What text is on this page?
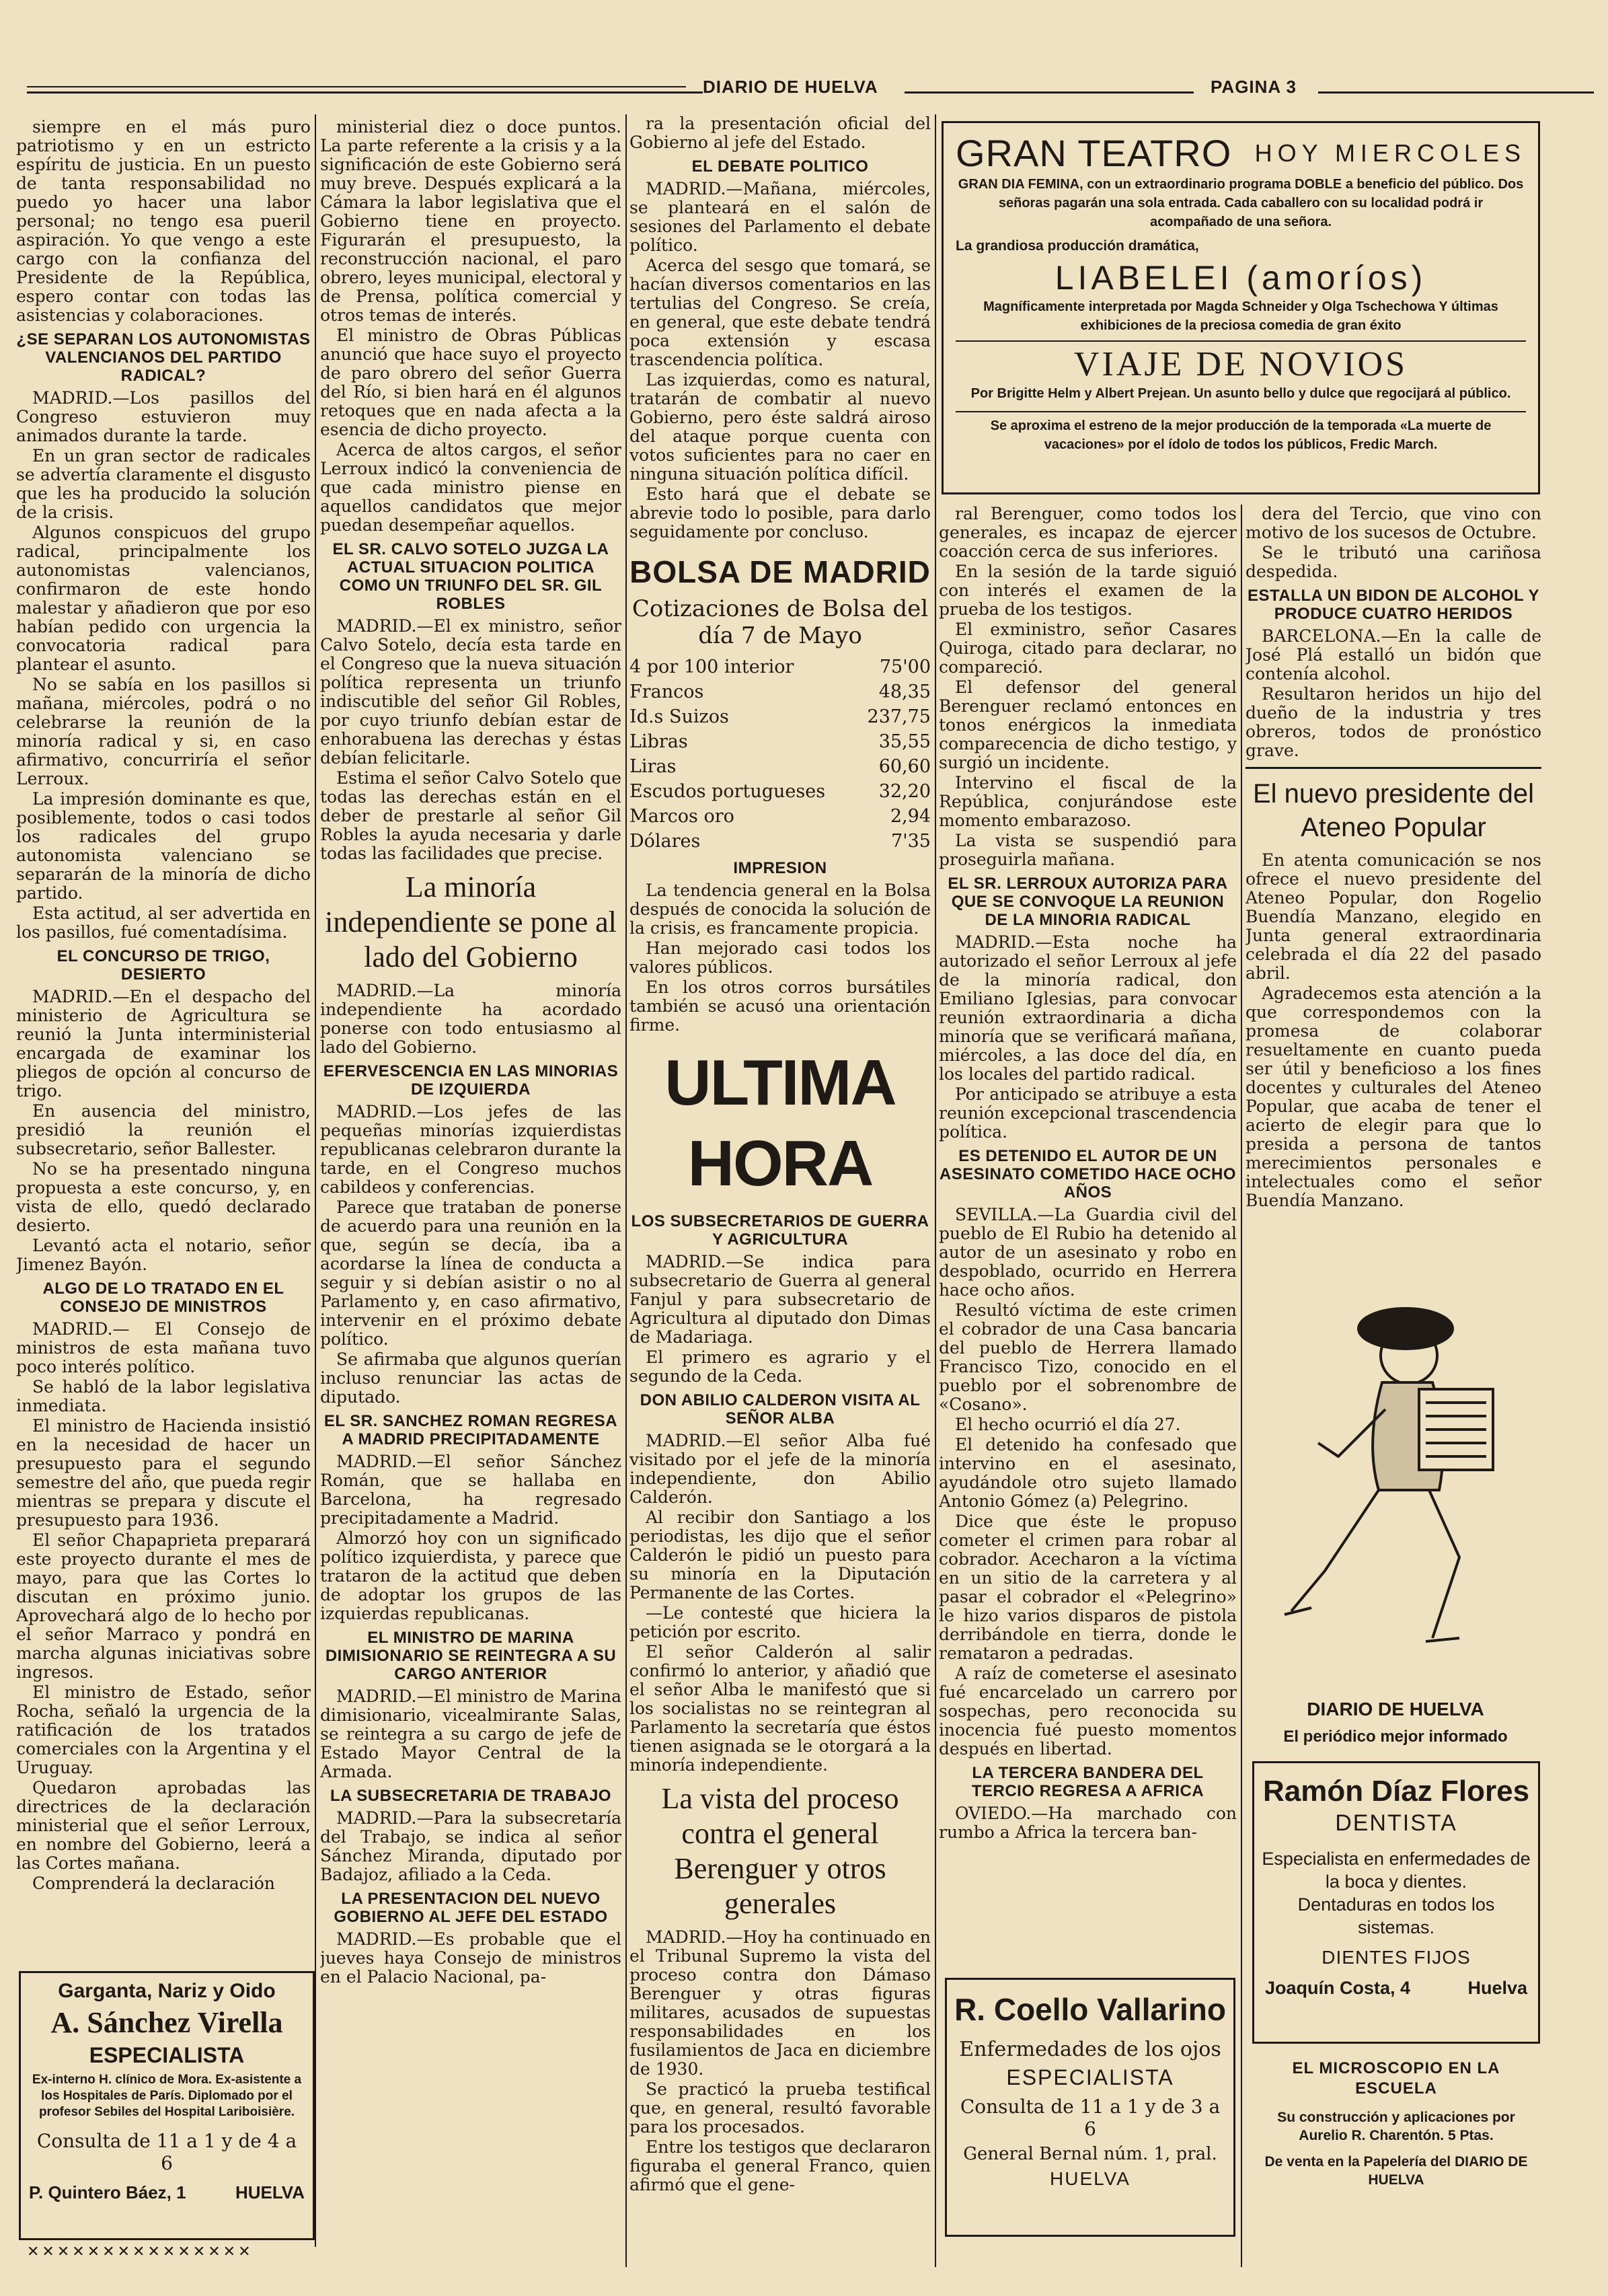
DIARIO DE HUELVA	PAGINA 3

siempre en el más puro patriotismo y en un estricto espíritu de justicia. En un puesto de tanta responsabilidad no puedo yo hacer una labor personal; no tengo esa pueril aspiración. Yo que vengo a este cargo con la confianza del Presidente de la República, espero contar con todas las asistencias y colaboraciones.

¿SE SEPARAN LOS AUTONOMISTAS VALENCIANOS DEL PARTIDO RADICAL?

MADRID.—Los pasillos del Congreso estuvieron muy animados durante la tarde.

En un gran sector de radicales se advertía claramente el disgusto que les ha producido la solución de la crisis.

Algunos conspicuos del grupo radical, principalmente los autonomistas valencianos, confirmaron de este hondo malestar y añadieron que por eso habían pedido con urgencia la convocatoria radical para plantear el asunto.

No se sabía en los pasillos si mañana, miércoles, podrá o no celebrarse la reunión de la minoría radical y si, en caso afirmativo, concurriría el señor Lerroux.

La impresión dominante es que, posiblemente, todos o casi todos los radicales del grupo autonomista valenciano se separarán de la minoría de dicho partido.

Esta actitud, al ser advertida en los pasillos, fué comentadísima.

EL CONCURSO DE TRIGO, DESIERTO

MADRID.—En el despacho del ministerio de Agricultura se reunió la Junta interministerial encargada de examinar los pliegos de opción al concurso de trigo.

En ausencia del ministro, presidió la reunión el subsecretario, señor Ballester.

No se ha presentado ninguna propuesta a este concurso, y, en vista de ello, quedó declarado desierto.

Levantó acta el notario, señor Jimenez Bayón.

ALGO DE LO TRATADO EN EL CONSEJO DE MINISTROS

MADRID.— El Consejo de ministros de esta mañana tuvo poco interés político.

Se habló de la labor legislativa inmediata.

El ministro de Hacienda insistió en la necesidad de hacer un presupuesto para el segundo semestre del año, que pueda regir mientras se prepara y discute el presupuesto para 1936.

El señor Chapaprieta preparará este proyecto durante el mes de mayo, para que las Cortes lo discutan en próximo junio. Aprovechará algo de lo hecho por el señor Marraco y pondrá en marcha algunas iniciativas sobre ingresos.

El ministro de Estado, señor Rocha, señaló la urgencia de la ratificación de los tratados comerciales con la Argentina y el Uruguay.

Quedaron aprobadas las directrices de la declaración ministerial que el señor Lerroux, en nombre del Gobierno, leerá a las Cortes mañana.

Comprenderá la declaración

Garganta, Nariz y Oido
A. Sánchez Virella
ESPECIALISTA
Ex-interno H. clínico de Mora. Ex-asistente a los Hospitales de París. Diplomado por el profesor Sebiles del Hospital Lariboisière.
Consulta de 11 a 1 y de 4 a 6
P. Quintero Báez, 1	HUELVA
✕✕✕✕✕✕✕✕✕✕✕✕✕✕✕

ministerial diez o doce puntos. La parte referente a la crisis y a la significación de este Gobierno será muy breve. Después explicará a la Cámara la labor legislativa que el Gobierno tiene en proyecto. Figurarán el presupuesto, la reconstrucción nacional, el paro obrero, leyes municipal, electoral y de Prensa, política comercial y otros temas de interés.

El ministro de Obras Públicas anunció que hace suyo el proyecto de paro obrero del señor Guerra del Río, si bien hará en él algunos retoques que en nada afecta a la esencia de dicho proyecto.

Acerca de altos cargos, el señor Lerroux indicó la conveniencia de que cada ministro piense en aquellos candidatos que mejor puedan desempeñar aquellos.

EL SR. CALVO SOTELO JUZGA LA ACTUAL SITUACION POLITICA COMO UN TRIUNFO DEL SR. GIL ROBLES

MADRID.—El ex ministro, señor Calvo Sotelo, decía esta tarde en el Congreso que la nueva situación política representa un triunfo indiscutible del señor Gil Robles, por cuyo triunfo debían estar de enhorabuena las derechas y éstas debían felicitarle.

Estima el señor Calvo Sotelo que todas las derechas están en el deber de prestarle al señor Gil Robles la ayuda necesaria y darle todas las facilidades que precise.

La minoría independiente se pone al lado del Gobierno

MADRID.—La minoría independiente ha acordado ponerse con todo entusiasmo al lado del Gobierno.

EFERVESCENCIA EN LAS MINORIAS DE IZQUIERDA

MADRID.—Los jefes de las pequeñas minorías izquierdistas republicanas celebraron durante la tarde, en el Congreso muchos cabildeos y conferencias.

Parece que trataban de ponerse de acuerdo para una reunión en la que, según se decía, iba a acordarse la línea de conducta a seguir y si debían asistir o no al Parlamento y, en caso afirmativo, intervenir en el próximo debate político.

Se afirmaba que algunos querían incluso renunciar las actas de diputado.

EL SR. SANCHEZ ROMAN REGRESA A MADRID PRECIPITADAMENTE

MADRID.—El señor Sánchez Román, que se hallaba en Barcelona, ha regresado precipitadamente a Madrid.

Almorzó hoy con un significado político izquierdista, y parece que trataron de la actitud que deben de adoptar los grupos de las izquierdas republicanas.

EL MINISTRO DE MARINA DIMISIONARIO SE REINTEGRA A SU CARGO ANTERIOR

MADRID.—El ministro de Marina dimisionario, vicealmirante Salas, se reintegra a su cargo de jefe de Estado Mayor Central de la Armada.

LA SUBSECRETARIA DE TRABAJO

MADRID.—Para la subsecretaría del Trabajo, se indica al señor Sánchez Miranda, diputado por Badajoz, afiliado a la Ceda.

LA PRESENTACION DEL NUEVO GOBIERNO AL JEFE DEL ESTADO

MADRID.—Es probable que el jueves haya Consejo de ministros en el Palacio Nacional, pa-

ra la presentación oficial del Gobierno al jefe del Estado.

EL DEBATE POLITICO

MADRID.—Mañana, miércoles, se planteará en el salón de sesiones del Parlamento el debate político.

Acerca del sesgo que tomará, se hacían diversos comentarios en las tertulias del Congreso. Se creía, en general, que este debate tendrá poca extensión y escasa trascendencia política.

Las izquierdas, como es natural, tratarán de combatir al nuevo Gobierno, pero éste saldrá airoso del ataque porque cuenta con votos suficientes para no caer en ninguna situación política difícil.

Esto hará que el debate se abrevie todo lo posible, para darlo seguidamente por concluso.

BOLSA DE MADRID
Cotizaciones de Bolsa del día 7 de Mayo
4 por 100 interior	75'00
Francos	48,35
Id.s Suizos	237,75
Libras	35,55
Liras	60,60
Escudos portugueses	32,20
Marcos oro	2,94
Dólares	7'35
IMPRESION

La tendencia general en la Bolsa después de conocida la solución de la crisis, es francamente propicia.

Han mejorado casi todos los valores públicos.

En los otros corros bursátiles también se acusó una orientación firme.

ULTIMA HORA
LOS SUBSECRETARIOS DE GUERRA Y AGRICULTURA

MADRID.—Se indica para subsecretario de Guerra al general Fanjul y para subsecretario de Agricultura al diputado don Dimas de Madariaga.

El primero es agrario y el segundo de la Ceda.

DON ABILIO CALDERON VISITA AL SEÑOR ALBA

MADRID.—El señor Alba fué visitado por el jefe de la minoría independiente, don Abilio Calderón.

Al recibir don Santiago a los periodistas, les dijo que el señor Calderón le pidió un puesto para su minoría en la Diputación Permanente de las Cortes.

—Le contesté que hiciera la petición por escrito.

El señor Calderón al salir confirmó lo anterior, y añadió que el señor Alba le manifestó que si los socialistas no se reintegran al Parlamento la secretaría que éstos tienen asignada se le otorgará a la minoría independiente.

La vista del proceso contra el general Berenguer y otros generales

MADRID.—Hoy ha continuado en el Tribunal Supremo la vista del proceso contra don Dámaso Berenguer y otras figuras militares, acusados de supuestas responsabilidades en los fusilamientos de Jaca en diciembre de 1930.

Se practicó la prueba testifical que, en general, resultó favorable para los procesados.

Entre los testigos que declararon figuraba el general Franco, quien afirmó que el gene-

GRAN TEATRO HOY MIERCOLES
GRAN DIA FEMINA, con un extraordinario programa DOBLE a beneficio del público. Dos señoras pagarán una sola entrada. Cada caballero con su localidad podrá ir acompañado de una señora.
La grandiosa producción dramática,
LIABELEI (amoríos)
Magníficamente interpretada por Magda Schneider y Olga Tschechowa Y últimas exhibiciones de la preciosa comedia de gran éxito
VIAJE DE NOVIOS
Por Brigitte Helm y Albert Prejean. Un asunto bello y dulce que regocijará al público.
Se aproxima el estreno de la mejor producción de la temporada «La muerte de vacaciones» por el ídolo de todos los públicos, Fredic March.

ral Berenguer, como todos los generales, es incapaz de ejercer coacción cerca de sus inferiores.

En la sesión de la tarde siguió con interés el examen de la prueba de los testigos.

El exministro, señor Casares Quiroga, citado para declarar, no compareció.

El defensor del general Berenguer reclamó entonces en tonos enérgicos la inmediata comparecencia de dicho testigo, y surgió un incidente.

Intervino el fiscal de la República, conjurándose este momento embarazoso.

La vista se suspendió para proseguirla mañana.

EL SR. LERROUX AUTORIZA PARA QUE SE CONVOQUE LA REUNION DE LA MINORIA RADICAL

MADRID.—Esta noche ha autorizado el señor Lerroux al jefe de la minoría radical, don Emiliano Iglesias, para convocar reunión extraordinaria a dicha minoría que se verificará mañana, miércoles, a las doce del día, en los locales del partido radical.

Por anticipado se atribuye a esta reunión excepcional trascendencia política.

ES DETENIDO EL AUTOR DE UN ASESINATO COMETIDO HACE OCHO AÑOS

SEVILLA.—La Guardia civil del pueblo de El Rubio ha detenido al autor de un asesinato y robo en despoblado, ocurrido en Herrera hace ocho años.

Resultó víctima de este crimen el cobrador de una Casa bancaria del pueblo de Herrera llamado Francisco Tizo, conocido en el pueblo por el sobrenombre de «Cosano».

El hecho ocurrió el día 27.

El detenido ha confesado que intervino en el asesinato, ayudándole otro sujeto llamado Antonio Gómez (a) Pelegrino.

Dice que éste le propuso cometer el crimen para robar al cobrador. Acecharon a la víctima en un sitio de la carretera y al pasar el cobrador el «Pelegrino» le hizo varios disparos de pistola derribándole en tierra, donde le remataron a pedradas.

A raíz de cometerse el asesinato fué encarcelado un carrero por sospechas, pero reconocida su inocencia fué puesto momentos después en libertad.

LA TERCERA BANDERA DEL TERCIO REGRESA A AFRICA

OVIEDO.—Ha marchado con rumbo a Africa la tercera ban-

R. Coello Vallarino
Enfermedades de los ojos
ESPECIALISTA
Consulta de 11 a 1 y de 3 a 6
General Bernal núm. 1, pral.
HUELVA

dera del Tercio, que vino con motivo de los sucesos de Octubre.

Se le tributó una cariñosa despedida.

ESTALLA UN BIDON DE ALCOHOL Y PRODUCE CUATRO HERIDOS

BARCELONA.—En la calle de José Plá estalló un bidón que contenía alcohol.

Resultaron heridos un hijo del dueño de la industria y tres obreros, todos de pronóstico grave.

El nuevo presidente del Ateneo Popular

En atenta comunicación se nos ofrece el nuevo presidente del Ateneo Popular, don Rogelio Buendía Manzano, elegido en Junta general extraordinaria celebrada el día 22 del pasado abril.

Agradecemos esta atención a la que correspondemos con la promesa de colaborar resueltamente en cuanto pueda ser útil y beneficioso a los fines docentes y culturales del Ateneo Popular, que acaba de tener el acierto de elegir para que lo presida a persona de tantos merecimientos personales e intelectuales como el señor Buendía Manzano.

DIARIO DE HUELVA
El periódico mejor informado
Ramón Díaz Flores
DENTISTA
Especialista en enfermedades de la boca y dientes.
Dentaduras en todos los sistemas.
DIENTES FIJOS
Joaquín Costa, 4	Huelva
EL MICROSCOPIO EN LA ESCUELA
Su construcción y aplicaciones por Aurelio R. Charentón. 5 Ptas.
De venta en la Papelería del DIARIO DE HUELVA
